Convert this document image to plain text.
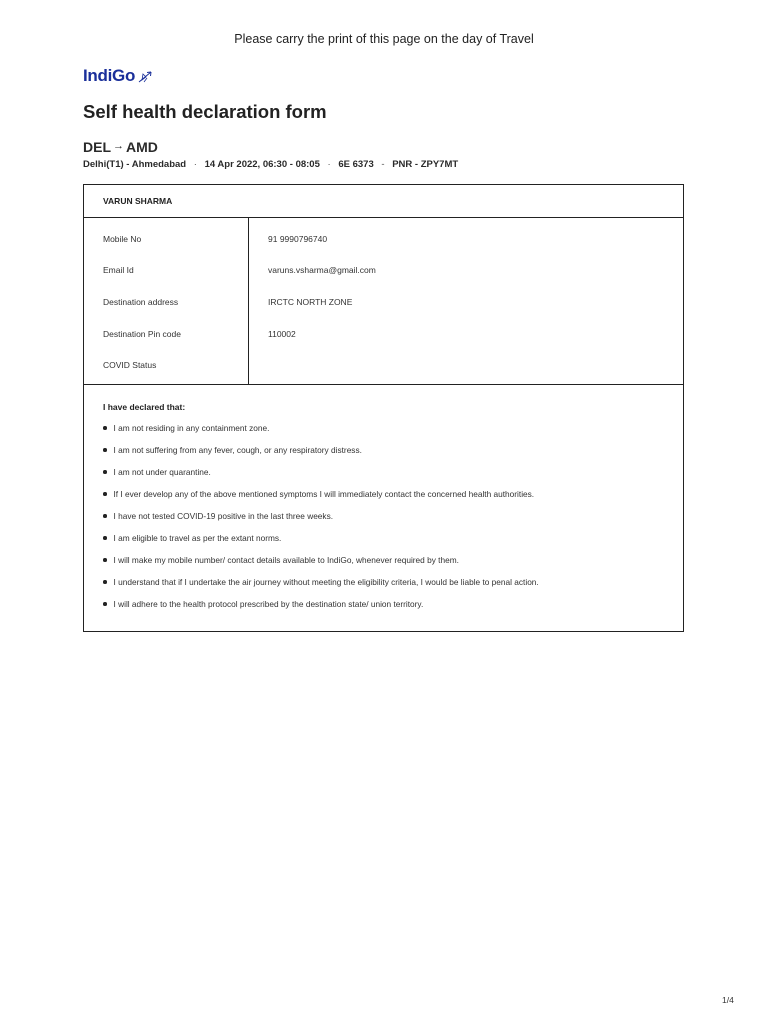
Please carry the print of this page on the day of Travel
IndiGo
Self health declaration form
DEL → AMD
Delhi(T1) - Ahmedabad · 14 Apr 2022, 06:30 - 08:05 · 6E 6373 - PNR - ZPY7MT
VARUN SHARMA
Mobile No	91 9990796740
Email Id	varuns.vsharma@gmail.com
Destination address	IRCTC NORTH ZONE
Destination Pin code	110002
COVID Status
I have declared that:
I am not residing in any containment zone.
I am not suffering from any fever, cough, or any respiratory distress.
I am not under quarantine.
If I ever develop any of the above mentioned symptoms I will immediately contact the concerned health authorities.
I have not tested COVID-19 positive in the last three weeks.
I am eligible to travel as per the extant norms.
I will make my mobile number/ contact details available to IndiGo, whenever required by them.
I understand that if I undertake the air journey without meeting the eligibility criteria, I would be liable to penal action.
I will adhere to the health protocol prescribed by the destination state/ union territory.
1/4
